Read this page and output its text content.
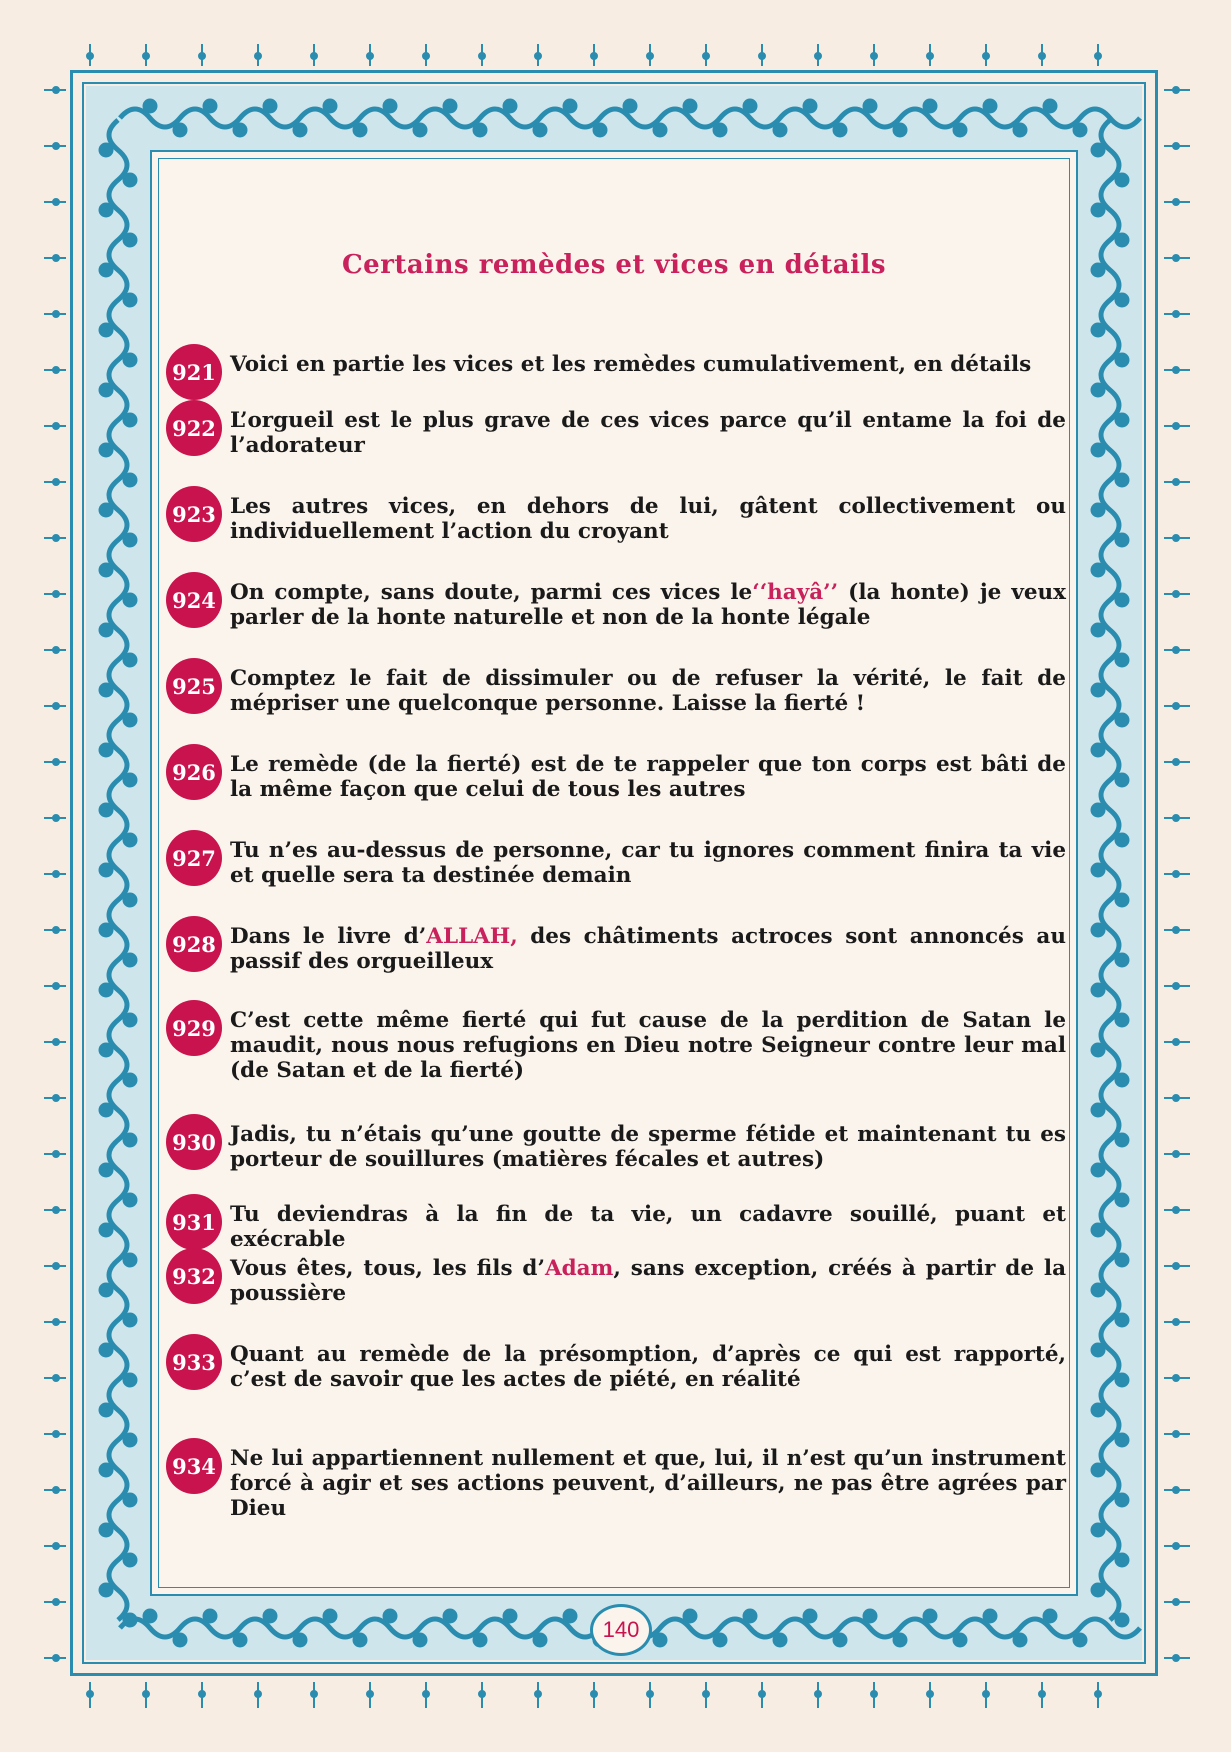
Certains remèdes et vices en détails
921 Voici en partie les vices et les remèdes cumulativement, en détails
922 L’orgueil est le plus grave de ces vices parce qu’il entame la foi de l’adorateur
923 Les autres vices, en dehors de lui, gâtent collectivement ou individuellement l’action du croyant
924 On compte, sans doute, parmi ces vices le‘‘hayâ’’ (la honte) je veux parler de la honte naturelle et non de la honte légale
925 Comptez le fait de dissimuler ou de refuser la vérité, le fait de mépriser une quelconque personne. Laisse la fierté !
926 Le remède (de la fierté) est de te rappeler que ton corps est bâti de la même façon que celui de tous les autres
927 Tu n’es au-dessus de personne, car tu ignores comment finira ta vie et quelle sera ta destinée demain
928 Dans le livre d’ALLAH, des châtiments actroces sont annoncés au passif des orgueilleux
929 C’est cette même fierté qui fut cause de la perdition de Satan le maudit, nous nous refugions en Dieu notre Seigneur contre leur mal (de Satan et de la fierté)
930 Jadis, tu n’étais qu’une goutte de sperme fétide et maintenant tu es porteur de souillures (matières fécales et autres)
931 Tu deviendras à la fin de ta vie, un cadavre souillé, puant et exécrable
932 Vous êtes, tous, les fils d’Adam, sans exception, créés à partir de la poussière
933 Quant au remède de la présomption, d’après ce qui est rapporté, c’est de savoir que les actes de piété, en réalité
934 Ne lui appartiennent nullement et que, lui, il n’est qu’un instrument forcé à agir et ses actions peuvent, d’ailleurs, ne pas être agrées par Dieu
140
